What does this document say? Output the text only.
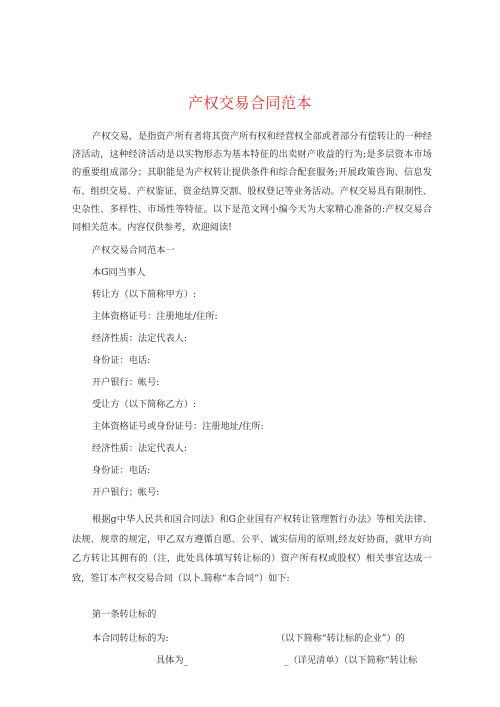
产权交易合同范本

产权交易，是指资产所有者将其资产所有权和经营权全部或者部分有偿转让的一种经济活动，这种经济活动是以实物形态为基本特征的出卖财产收益的行为;是多层资本市场的重要组成部分；其职能是为产权转让提供条件和综合配套服务;开展政策咨询、信息发布、组织交易、产权鉴证、资金结算交割、股权登记等业务活动。产权交易具有限制性、史杂性、多样性、市场性等特征。以下是范文网小编今天为大家精心准备的:产权交易合同相关范本。内容仅供参考，欢迎阅读!

产权交易合同范本一
本G同当事人
转让方（以下简称甲方）:
主体资格证号：注册地址/住所:
经济性质：法定代表人:
身份证：电话:
开户银行：帐号:
受让方（以下简称乙方）:
主体资格证号或身份证号：注册地址/住所:
经济性质：法定代表人:
身份证：电话:
开户银行；帐号:

根据g中华人民共和国合同法》和G企业国有产权转让管理暂行办法》等相关法律、法规、规章的规定，甲乙双方遵循自愿、公平、诚实信用的原则,经友好协商，就甲方向乙方转让其拥有的（注，此处具体填写转让标的）资产所有权或股权）相关事宜达成一致，签订本产权交易合同（以卜.简称“本合同“）如下:

第一条转让标的
本合同转让标的为:	（以下简称“转让标的企业”）的
具体为_	_（详见清单）（以下简称“转让标
